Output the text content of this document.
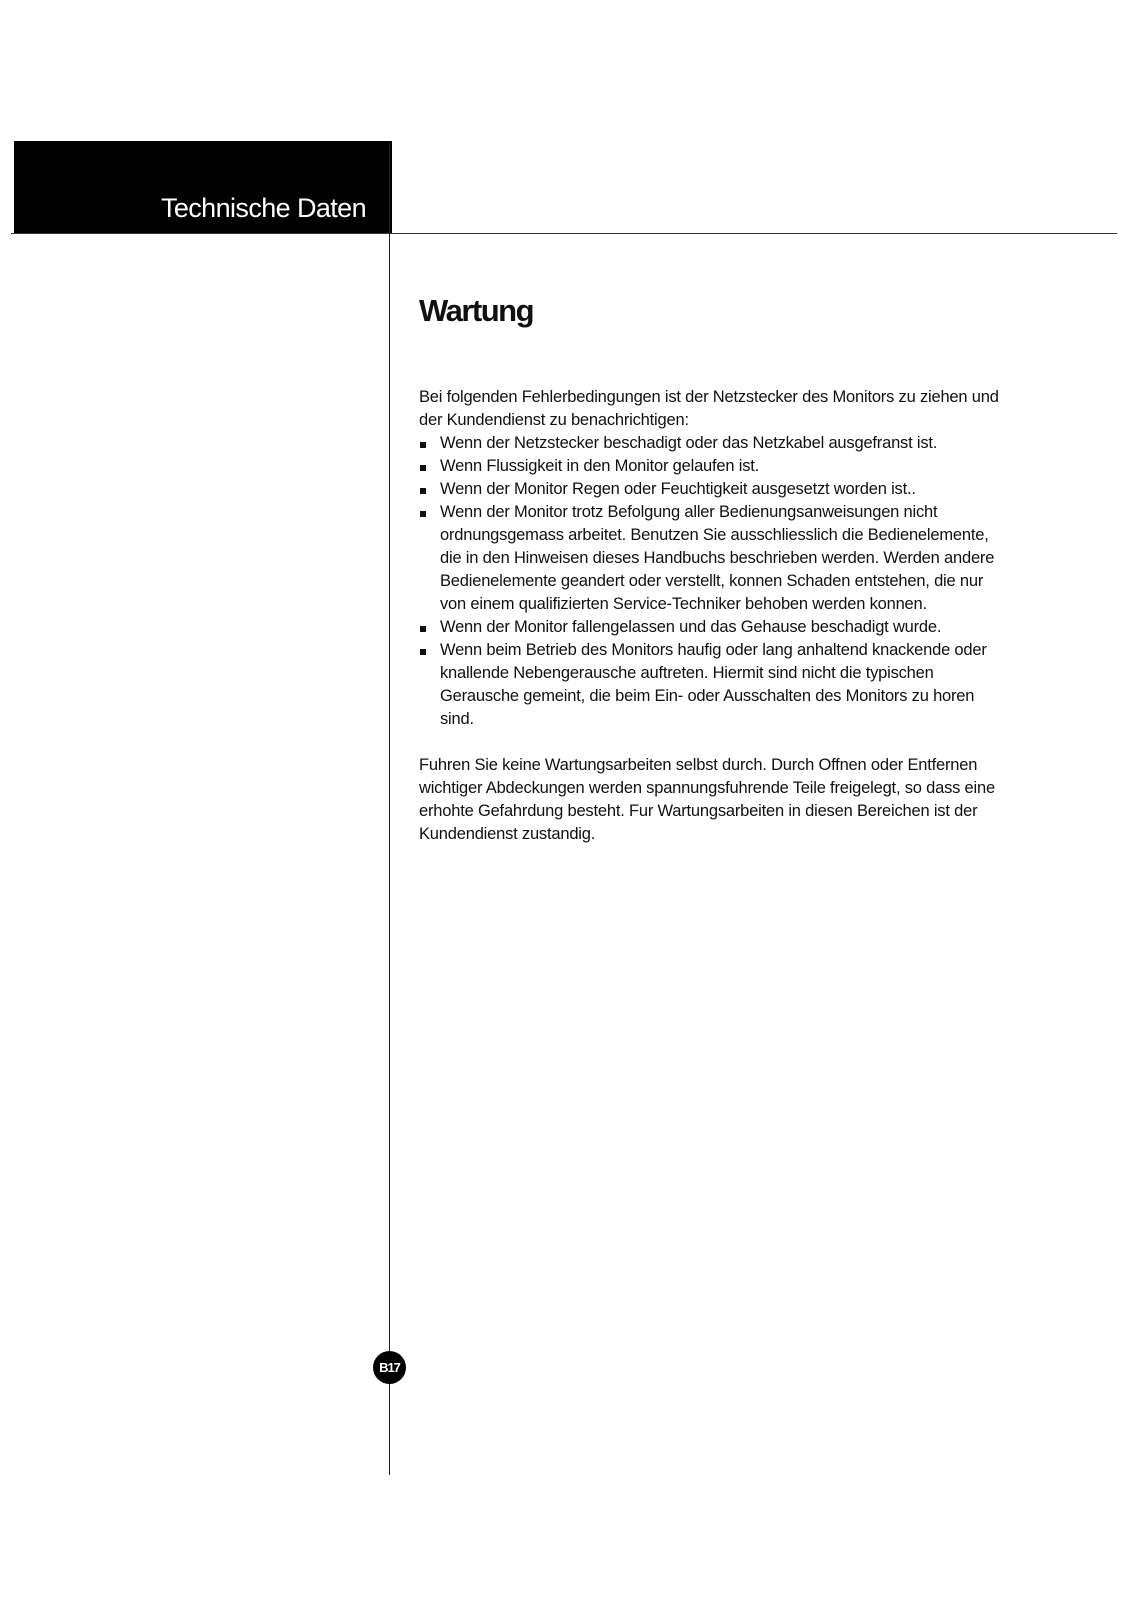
Technische Daten
Wartung

Bei folgenden Fehlerbedingungen ist der Netzstecker des Monitors zu ziehen und der Kundendienst zu benachrichtigen:

Wenn der Netzstecker beschadigt oder das Netzkabel ausgefranst ist.
Wenn Flussigkeit in den Monitor gelaufen ist.
Wenn der Monitor Regen oder Feuchtigkeit ausgesetzt worden ist..
Wenn der Monitor trotz Befolgung aller Bedienungsanweisungen nicht ordnungsgemass arbeitet. Benutzen Sie ausschliesslich die Bedienelemente, die in den Hinweisen dieses Handbuchs beschrieben werden. Werden andere Bedienelemente geandert oder verstellt, konnen Schaden entstehen, die nur von einem qualifizierten Service-Techniker behoben werden konnen.
Wenn der Monitor fallengelassen und das Gehause beschadigt wurde.
Wenn beim Betrieb des Monitors haufig oder lang anhaltend knackende oder knallende Nebengerausche auftreten. Hiermit sind nicht die typischen Gerausche gemeint, die beim Ein- oder Ausschalten des Monitors zu horen sind.

Fuhren Sie keine Wartungsarbeiten selbst durch. Durch Offnen oder Entfernen wichtiger Abdeckungen werden spannungsfuhrende Teile freigelegt, so dass eine erhohte Gefahrdung besteht. Fur Wartungsarbeiten in diesen Bereichen ist der Kundendienst zustandig.

B17
